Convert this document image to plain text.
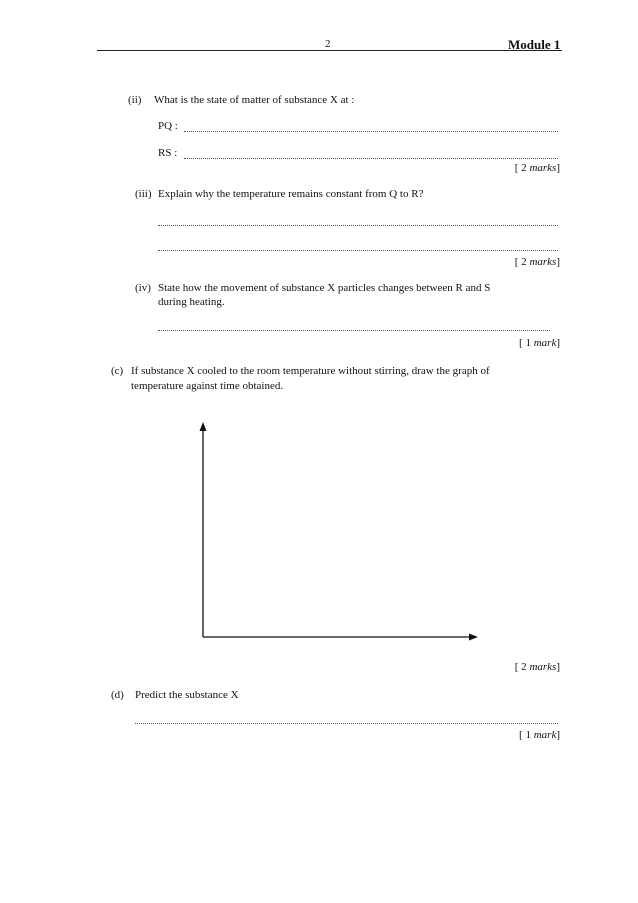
2	Module 1
(ii) What is the state of matter of substance X at :
PQ :
RS :
[ 2 marks]
(iii) Explain why the temperature remains constant from Q to R?
[ 2 marks]
(iv) State how the movement of substance X particles changes between R and S
during heating.
[ 1 mark]
(c) If substance X cooled to the room temperature without stirring, draw the graph of
temperature against time obtained.
[ 2 marks]
(d) Predict the substance X
[ 1 mark]
